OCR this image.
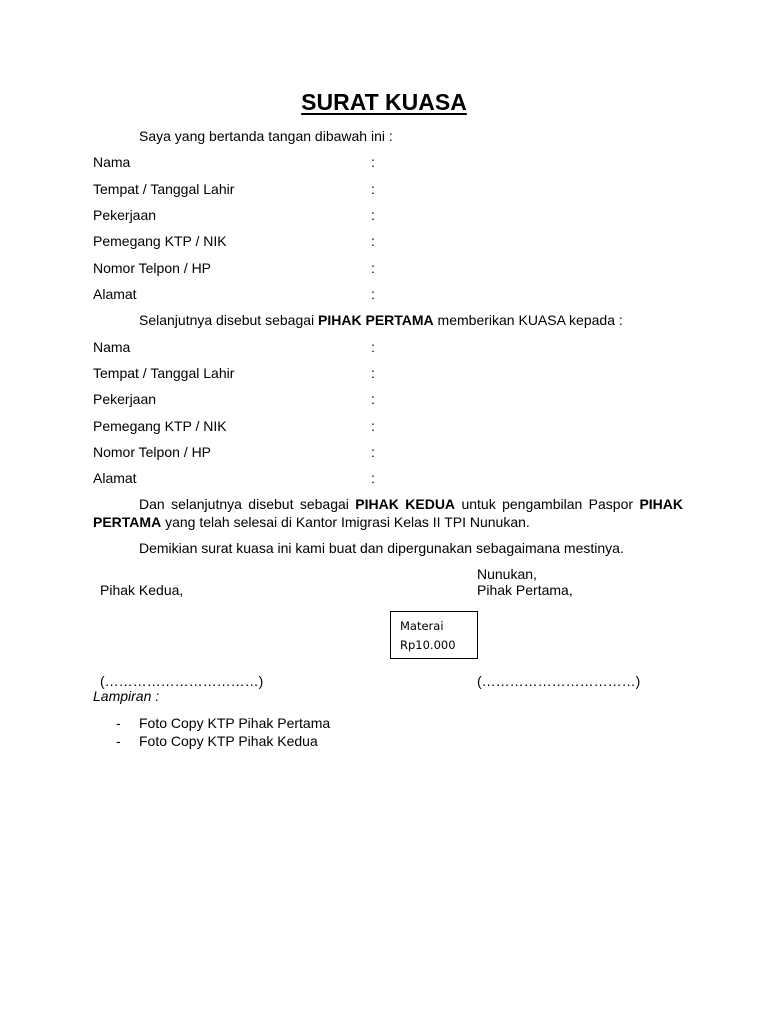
SURAT KUASA
Saya yang bertanda tangan dibawah ini :
Nama	:
Tempat / Tanggal Lahir	:
Pekerjaan	:
Pemegang KTP / NIK	:
Nomor Telpon / HP	:
Alamat	:
Selanjutnya disebut sebagai PIHAK PERTAMA memberikan KUASA kepada :
Nama	:
Tempat / Tanggal Lahir	:
Pekerjaan	:
Pemegang KTP / NIK	:
Nomor Telpon / HP	:
Alamat	:
Dan selanjutnya disebut sebagai PIHAK KEDUA untuk pengambilan Paspor PIHAK PERTAMA yang telah selesai di Kantor Imigrasi Kelas II TPI Nunukan.
Demikian surat kuasa ini kami buat dan dipergunakan sebagaimana mestinya.
Nunukan,
Pihak Kedua,	Pihak Pertama,
Materai
Rp10.000
(……………………………)	(……………………………)
Lampiran :
- Foto Copy KTP Pihak Pertama
- Foto Copy KTP Pihak Kedua
